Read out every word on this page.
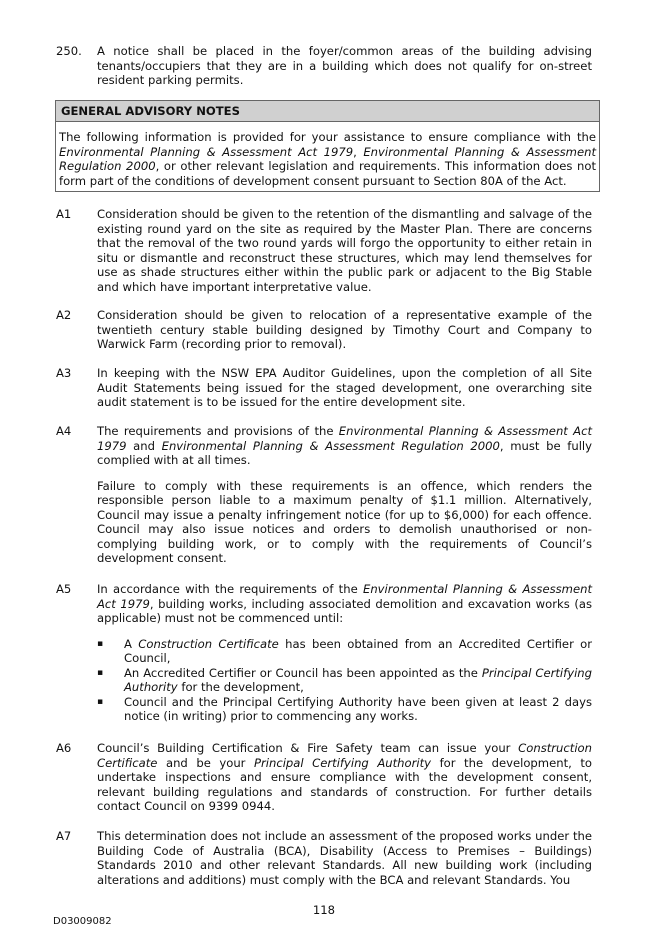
250. A notice shall be placed in the foyer/common areas of the building advising tenants/occupiers that they are in a building which does not qualify for on-street resident parking permits.

GENERAL ADVISORY NOTES

The following information is provided for your assistance to ensure compliance with the Environmental Planning & Assessment Act 1979, Environmental Planning & Assessment Regulation 2000, or other relevant legislation and requirements. This information does not form part of the conditions of development consent pursuant to Section 80A of the Act.

A1 Consideration should be given to the retention of the dismantling and salvage of the existing round yard on the site as required by the Master Plan. There are concerns that the removal of the two round yards will forgo the opportunity to either retain in situ or dismantle and reconstruct these structures, which may lend themselves for use as shade structures either within the public park or adjacent to the Big Stable and which have important interpretative value.

A2 Consideration should be given to relocation of a representative example of the twentieth century stable building designed by Timothy Court and Company to Warwick Farm (recording prior to removal).

A3 In keeping with the NSW EPA Auditor Guidelines, upon the completion of all Site Audit Statements being issued for the staged development, one overarching site audit statement is to be issued for the entire development site.

A4 The requirements and provisions of the Environmental Planning & Assessment Act 1979 and Environmental Planning & Assessment Regulation 2000, must be fully complied with at all times.

Failure to comply with these requirements is an offence, which renders the responsible person liable to a maximum penalty of $1.1 million. Alternatively, Council may issue a penalty infringement notice (for up to $6,000) for each offence. Council may also issue notices and orders to demolish unauthorised or non-complying building work, or to comply with the requirements of Council’s development consent.

A5 In accordance with the requirements of the Environmental Planning & Assessment Act 1979, building works, including associated demolition and excavation works (as applicable) must not be commenced until:

▪ A Construction Certificate has been obtained from an Accredited Certifier or Council,
▪ An Accredited Certifier or Council has been appointed as the Principal Certifying Authority for the development,
▪ Council and the Principal Certifying Authority have been given at least 2 days notice (in writing) prior to commencing any works.
A6 Council’s Building Certification & Fire Safety team can issue your Construction Certificate and be your Principal Certifying Authority for the development, to undertake inspections and ensure compliance with the development consent, relevant building regulations and standards of construction. For further details contact Council on 9399 0944.

A7 This determination does not include an assessment of the proposed works under the Building Code of Australia (BCA), Disability (Access to Premises – Buildings) Standards 2010 and other relevant Standards. All new building work (including alterations and additions) must comply with the BCA and relevant Standards. You

118
D03009082
